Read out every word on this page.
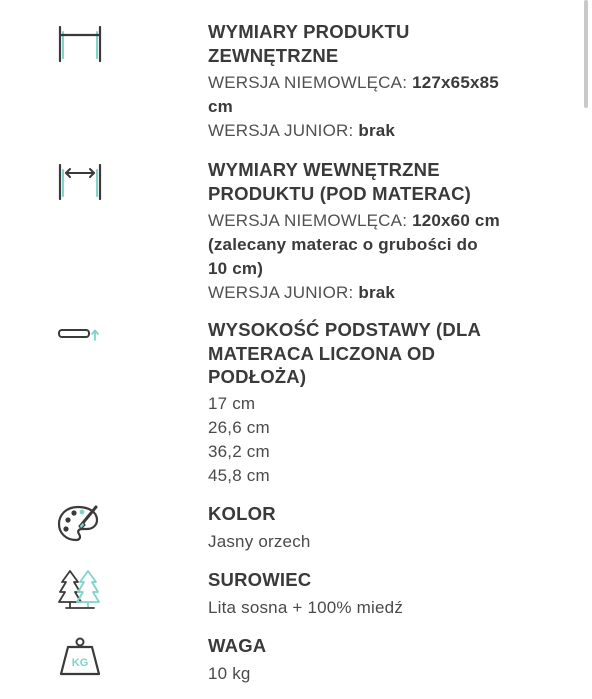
WYMIARY PRODUKTU
ZEWNĘTRZNE

WERSJA NIEMOWLĘCA: 127x65x85
cm

WERSJA JUNIOR: brak

WYMIARY WEWNĘTRZNE
PRODUKTU (POD MATERAC)

WERSJA NIEMOWLĘCA: 120x60 cm
(zalecany materac o grubości do
10 cm)

WERSJA JUNIOR: brak

WYSOKOŚĆ PODSTAWY (DLA
MATERACA LICZONA OD
PODŁOŻA)

17 cm

26,6 cm

36,2 cm

45,8 cm

KOLOR

Jasny orzech

SUROWIEC

Lita sosna + 100% miedź

KG

WAGA

10 kg
